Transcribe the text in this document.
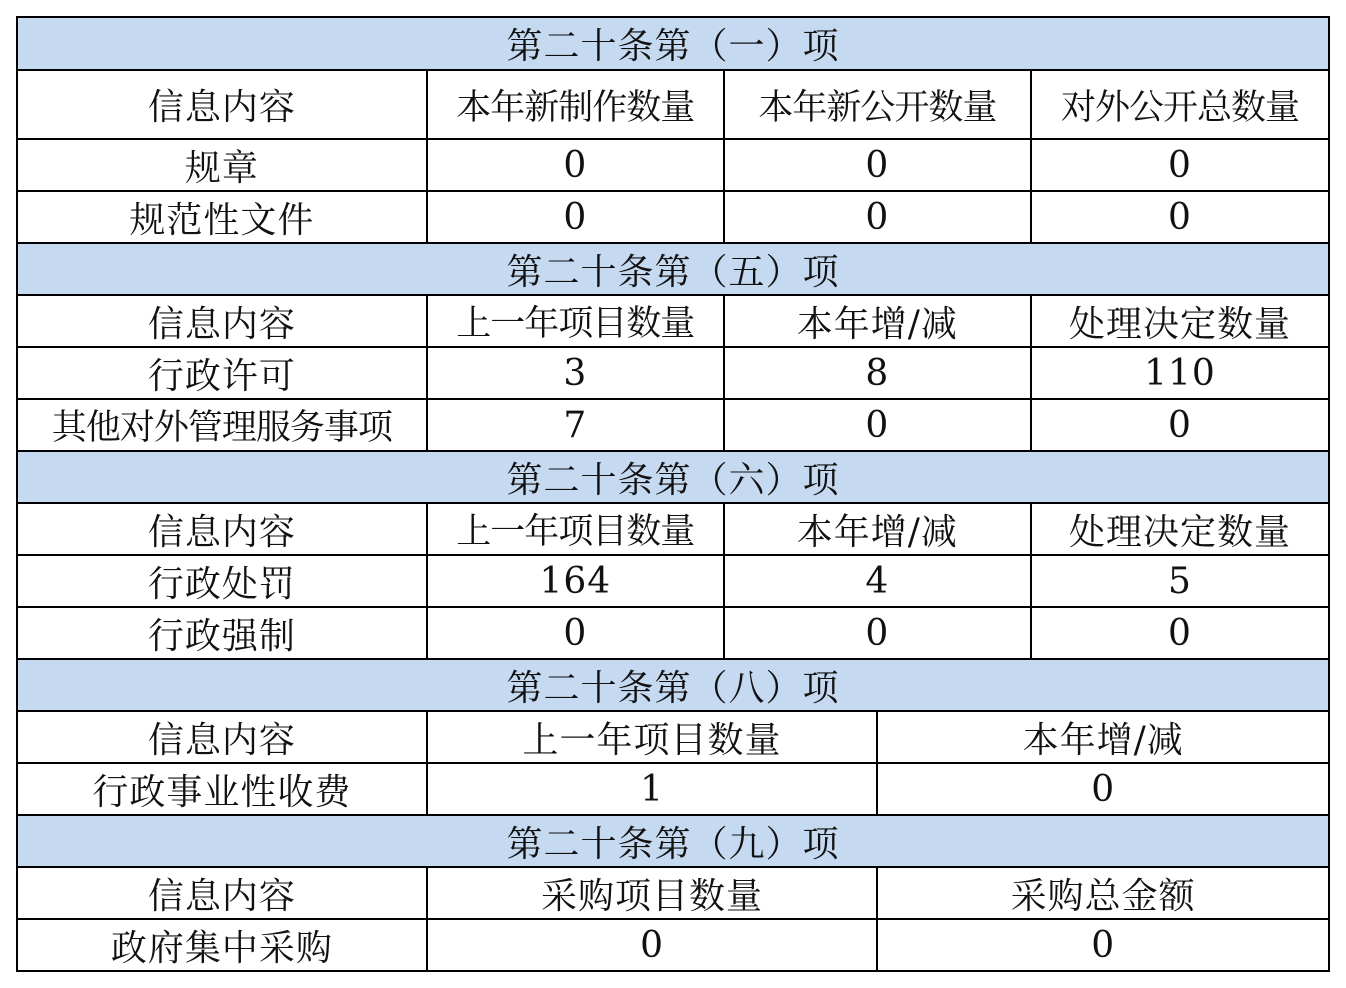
第二十条第（一）项
信息内容	本年新制作数量	本年新公开数量	对外公开总数量
规章	0	0	0
规范性文件	0	0	0
第二十条第（五）项
信息内容	上一年项目数量	本年增/减	处理决定数量
行政许可	3	8	110
其他对外管理服务事项	7	0	0
第二十条第（六）项
信息内容	上一年项目数量	本年增/减	处理决定数量
行政处罚	164	4	5
行政强制	0	0	0
第二十条第（八）项
信息内容	上一年项目数量	本年增/减
行政事业性收费	1	0
第二十条第（九）项
信息内容	采购项目数量	采购总金额
政府集中采购	0	0
